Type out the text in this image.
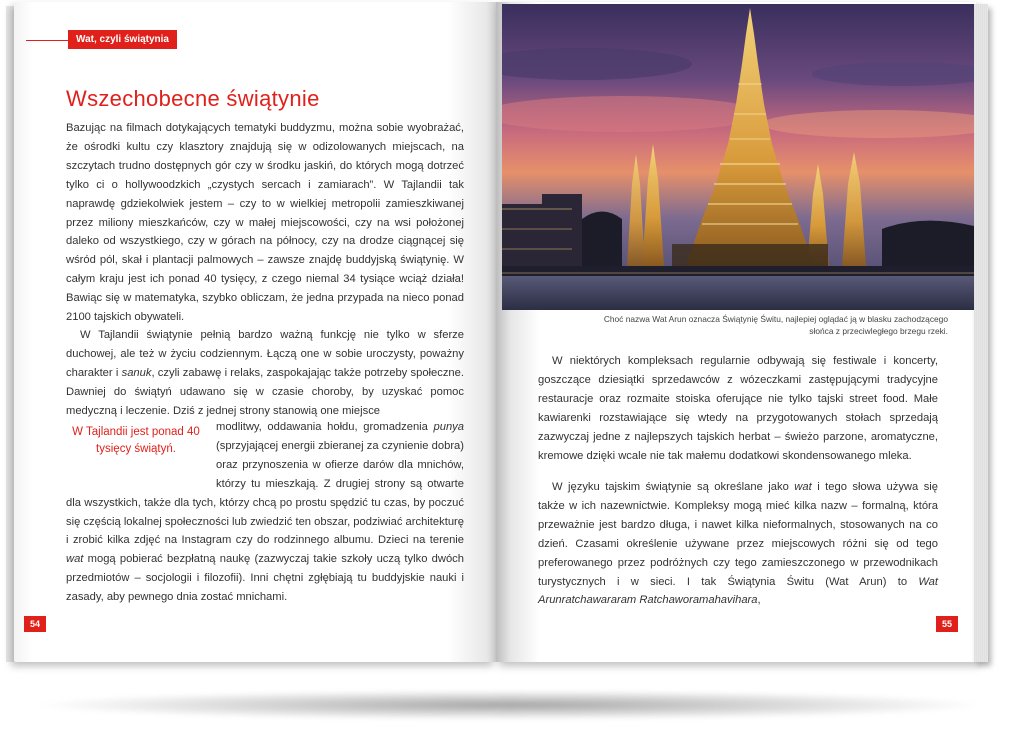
Wat, czyli świątynia
Wszechobecne świątynie

Bazując na filmach dotykających tematyki buddyzmu, można sobie wyobrażać, że ośrodki kultu czy klasztory znajdują się w odizolowanych miejscach, na szczytach trudno dostępnych gór czy w środku jaskiń, do których mogą dotrzeć tylko ci o hollywoodzkich „czystych sercach i zamiarach”. W Tajlandii tak naprawdę gdziekolwiek jestem – czy to w wielkiej metropolii zamieszkiwanej przez miliony mieszkańców, czy w małej miejscowości, czy na wsi położonej daleko od wszystkiego, czy w górach na północy, czy na drodze ciągnącej się wśród pól, skał i plantacji palmowych – zawsze znajdę buddyjską świątynię. W całym kraju jest ich ponad 40 tysięcy, z czego niemal 34 tysiące wciąż działa! Bawiąc się w matematyka, szybko obliczam, że jedna przypada na nieco ponad 2100 tajskich obywateli.

W Tajlandii świątynie pełnią bardzo ważną funkcję nie tylko w sferze duchowej, ale też w życiu codziennym. Łączą one w sobie uroczysty, poważny charakter i sanuk, czyli zabawę i relaks, zaspokajając także potrzeby społeczne. Dawniej do świątyń udawano się w czasie choroby, by uzyskać pomoc medyczną i leczenie. Dziś z jednej strony stanowią one miejsce

W Tajlandii jest ponad 40 tysięcy świątyń.
modlitwy, oddawania hołdu, gromadzenia punya (sprzyjającej energii zbieranej za czynienie dobra) oraz przynoszenia w ofierze darów dla mnichów, którzy tu mieszkają. Z drugiej strony są otwarte dla wszystkich, także dla tych, którzy chcą po prostu spędzić tu czas, by poczuć się częścią lokalnej społeczności lub zwiedzić ten obszar, podziwiać architekturę i zrobić kilka zdjęć na Instagram czy do rodzinnego albumu. Dzieci na terenie wat mogą pobierać bezpłatną naukę (zazwyczaj takie szkoły uczą tylko dwóch przedmiotów – socjologii i filozofii). Inni chętni zgłębiają tu buddyjskie nauki i zasady, aby pewnego dnia zostać mnichami.
54

Choć nazwa Wat Arun oznacza Świątynię Świtu, najlepiej oglądać ją w blasku zachodzącego słońca z przeciwległego brzegu rzeki.

W niektórych kompleksach regularnie odbywają się festiwale i koncerty, goszczące dziesiątki sprzedawców z wózeczkami zastępującymi tradycyjne restauracje oraz rozmaite stoiska oferujące nie tylko tajski street food. Małe kawiarenki rozstawiające się wtedy na przygotowanych stołach sprzedają zazwyczaj jedne z najlepszych tajskich herbat – świeżo parzone, aromatyczne, kremowe dzięki wcale nie tak małemu dodatkowi skondensowanego mleka.

W języku tajskim świątynie są określane jako wat i tego słowa używa się także w ich nazewnictwie. Kompleksy mogą mieć kilka nazw – formalną, która przeważnie jest bardzo długa, i nawet kilka nieformalnych, stosowanych na co dzień. Czasami określenie używane przez miejscowych różni się od tego preferowanego przez podróżnych czy tego zamieszczonego w przewodnikach turystycznych i w sieci. I tak Świątynia Świtu (Wat Arun) to Wat Arunratchawararam Ratchaworamahavihara,

55
